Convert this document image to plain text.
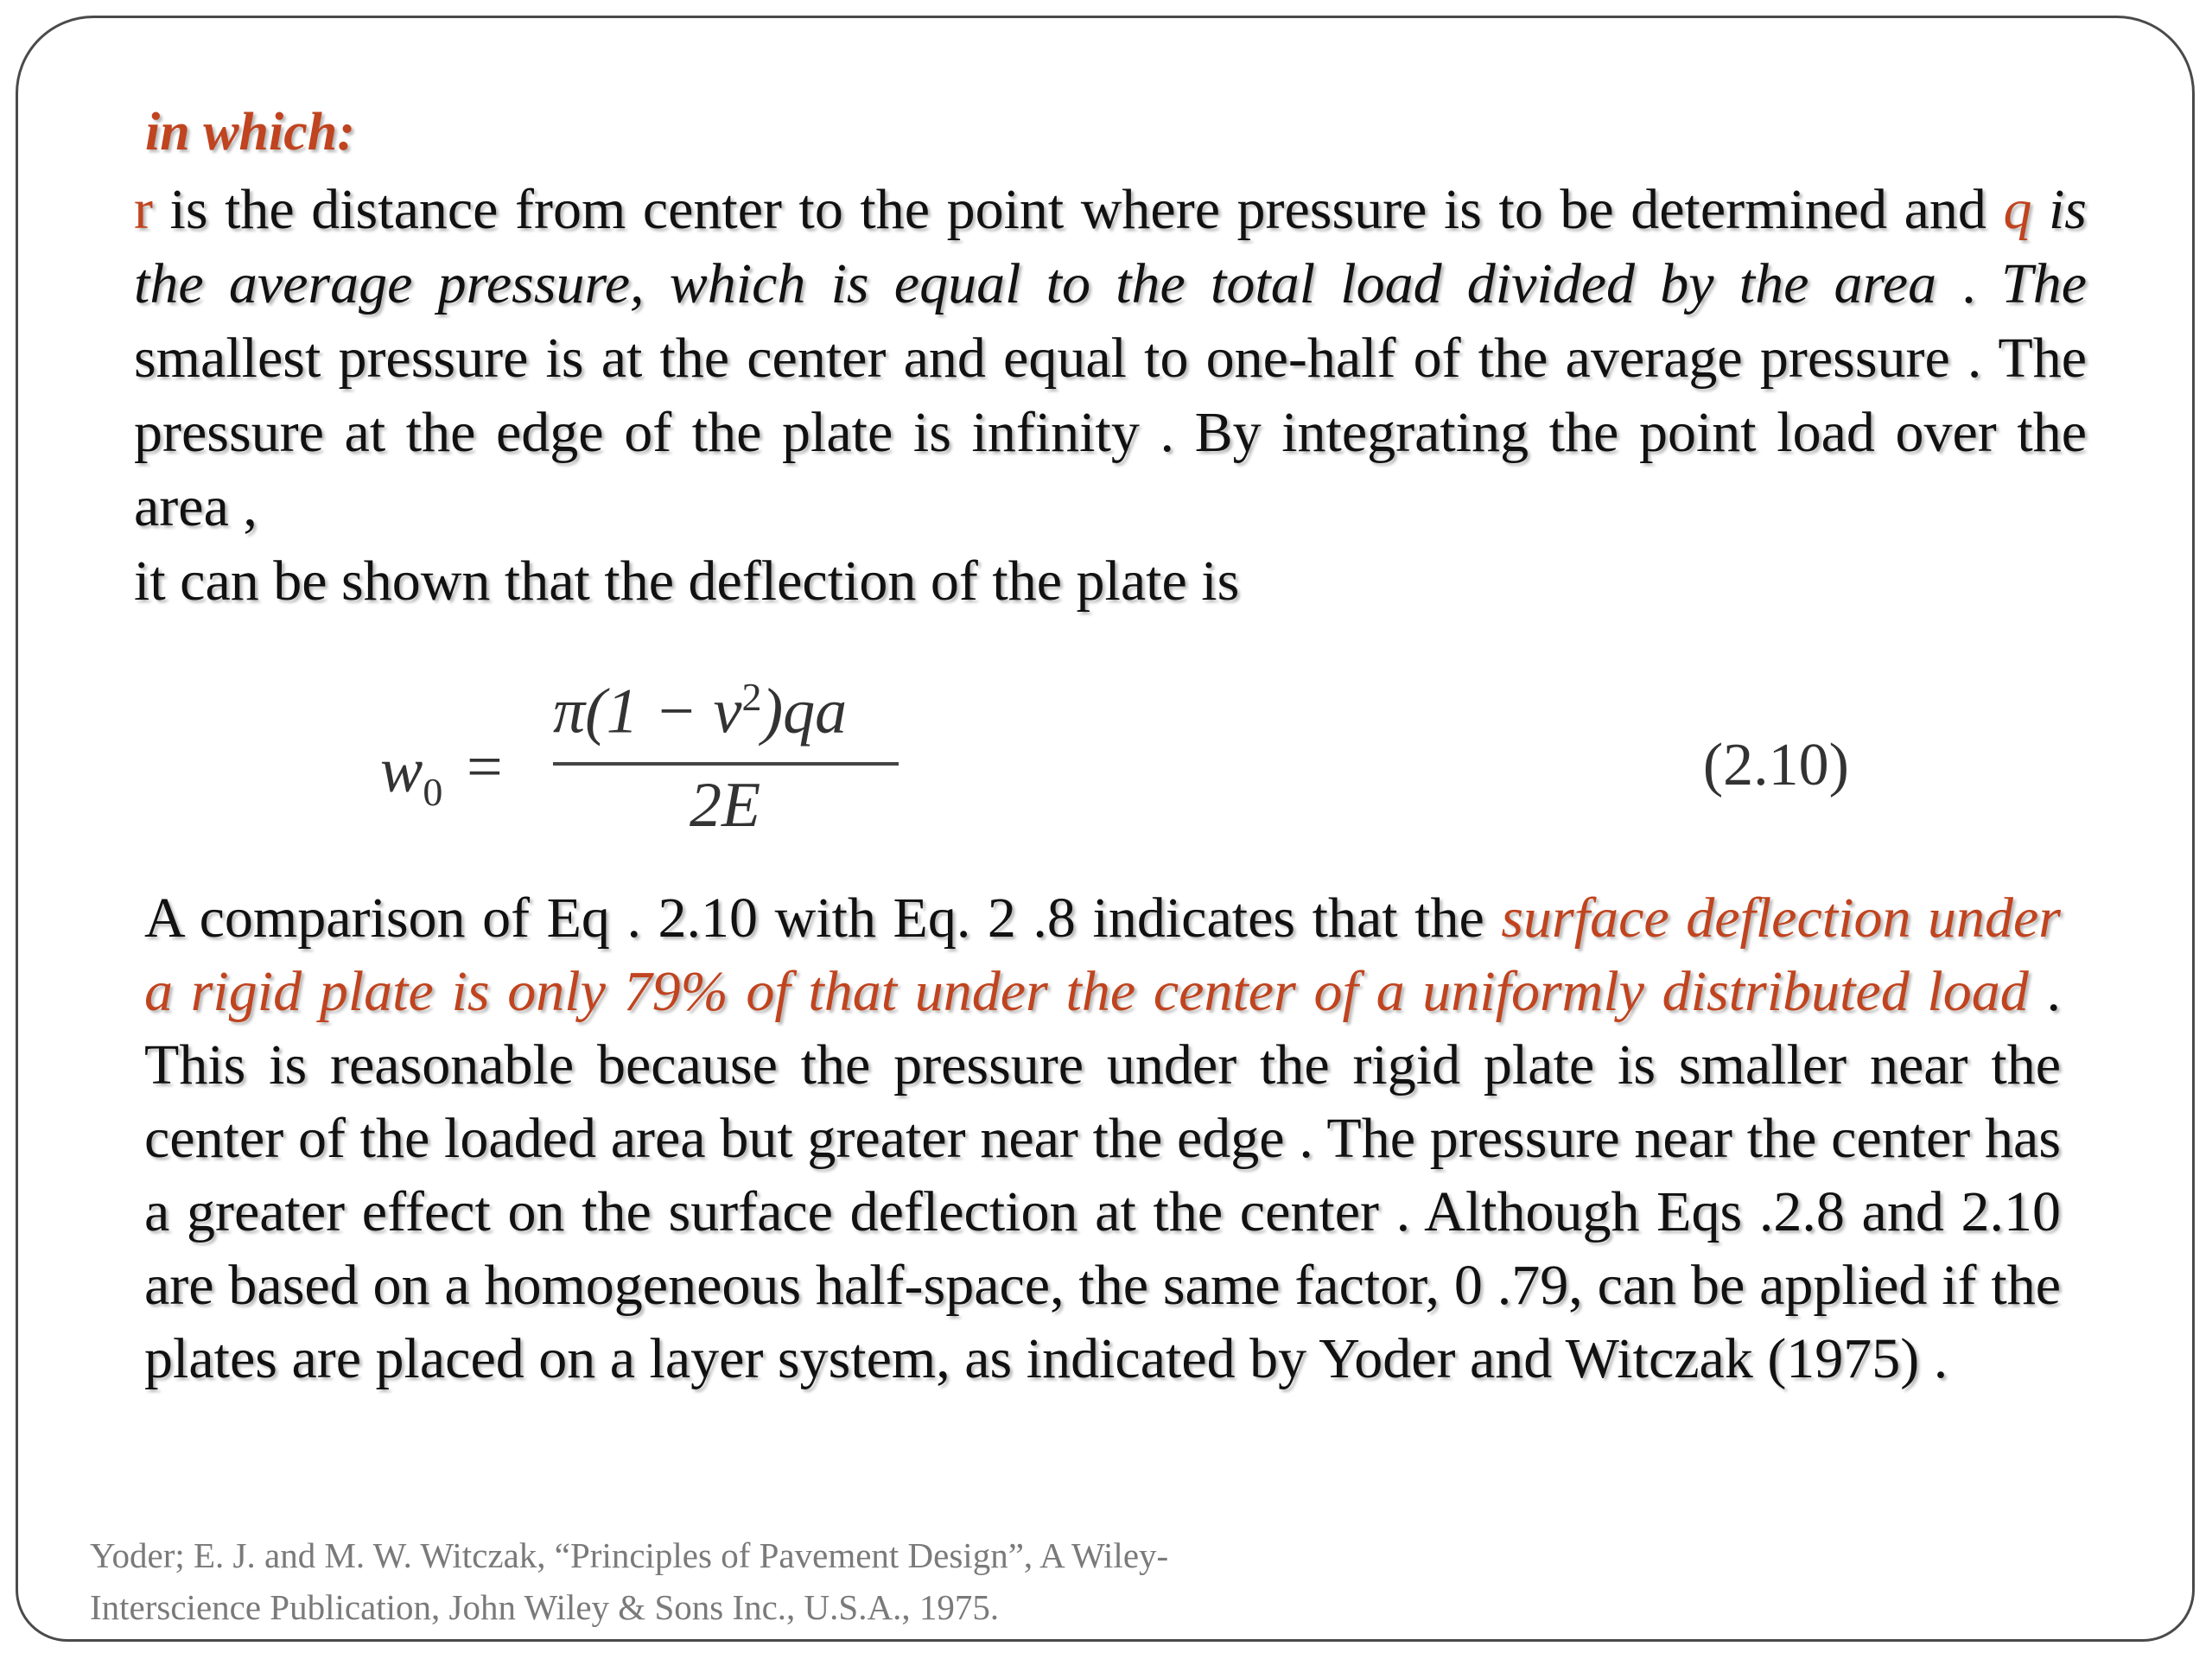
in which:
r is the distance from center to the point where pressure is to be determined and q is the average pressure, which is equal to the total load divided by the area . The smallest pressure is at the center and equal to one-half of the average pressure . The pressure at the edge of the plate is infinity . By integrating the point load over the area ,
it can be shown that the deflection of the plate is
$w_0$ =
$\pi(1 - \nu^2)qa$
2E
(2.10)
A comparison of Eq . 2.10 with Eq. 2 .8 indicates that the surface deflection under a rigid plate is only 79% of that under the center of a uniformly distributed load . This is reasonable because the pressure under the rigid plate is smaller near the center of the loaded area but greater near the edge . The pressure near the center has a greater effect on the surface deflection at the center . Although Eqs .2.8 and 2.10 are based on a homogeneous half-space, the same factor, 0 .79, can be applied if the plates are placed on a layer system, as indicated by Yoder and Witczak (1975) .
Yoder; E. J. and M. W. Witczak, “Principles of Pavement Design”, A Wiley-
Interscience Publication, John Wiley & Sons Inc., U.S.A., 1975.
